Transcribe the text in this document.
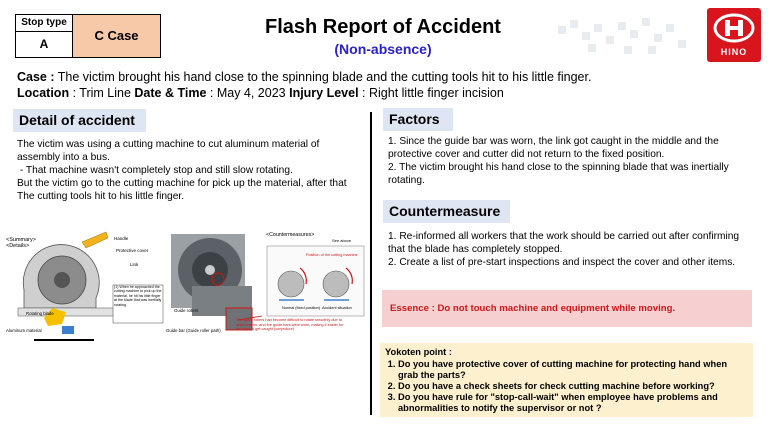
Stop type
A
C Case	Flash Report of Accident
(Non-absence)	HINO
Case : The victim brought his hand close to the spinning blade and the cutting tools hit to his little finger.
Location : Trim Line Date & Time : May 4, 2023 Injury Level : Right little finger incision
Detail of accident
The victim was using a cutting machine to cut aluminum material of assembly into a bus.
- That machine wasn't completely stop and still slow rotating.
But the victim go to the cutting machine for pick up the material, after that The cutting tools hit to his little finger.
<Summary>
<Details>
Handle
Protective cover
Link
Rotating blade
Aluminum material
(1) When he approached the cutting machine to pick up the material, he hit his little finger at the blade that was inertially rotating.
Guide rollers
Guide bar (Guide roller path)
The guide rollers had become difficult to rotate smoothly due to deterioration, and the guide bars were worn, making it easier for the links to get caught (conjecture)
<Countermeasures>
See above
Position of the cutting machine
Normal (fixed position) Accident situation
Factors
1. Since the guide bar was worn, the link got caught in the middle and the protective cover and cutter did not return to the fixed position.
2. The victim brought his hand close to the spinning blade that was inertially rotating.
Countermeasure
1. Re-informed all workers that the work should be carried out after confirming that the blade has completely stopped.
2. Create a list of pre-start inspections and inspect the cover and other items.
Essence : Do not touch machine and equipment while moving.
Yokoten point :
1. Do you have protective cover of cutting machine for protecting hand when grab the parts?
2. Do you have a check sheets for check cutting machine before working?
3. Do you have rule for "stop-call-wait" when employee have problems and abnormalities to notify the supervisor or not ?
